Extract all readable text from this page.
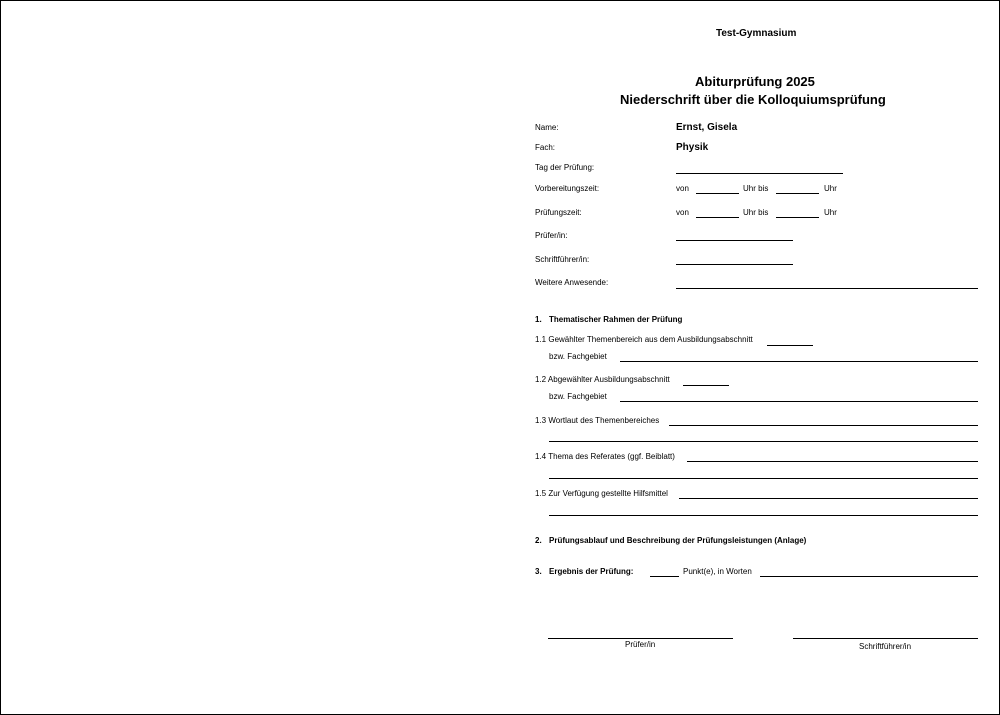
Test-Gymnasium
Abiturprüfung 2025
Niederschrift über die Kolloquiumsprüfung
Name:	Ernst, Gisela
Fach:	Physik
Tag der Prüfung:
Vorbereitungszeit:	von	Uhr bis	Uhr
Prüfungszeit:	von	Uhr bis	Uhr
Prüfer/in:
Schriftführer/in:
Weitere Anwesende:
1. Thematischer Rahmen der Prüfung
1.1 Gewählter Themenbereich aus dem Ausbildungsabschnitt
bzw. Fachgebiet
1.2 Abgewählter Ausbildungsabschnitt
bzw. Fachgebiet
1.3 Wortlaut des Themenbereiches
1.4 Thema des Referates (ggf. Beiblatt)
1.5 Zur Verfügung gestellte Hilfsmittel
2. Prüfungsablauf und Beschreibung der Prüfungsleistungen (Anlage)
3. Ergebnis der Prüfung:	Punkt(e), in Worten
Prüfer/in	Schriftführer/in
